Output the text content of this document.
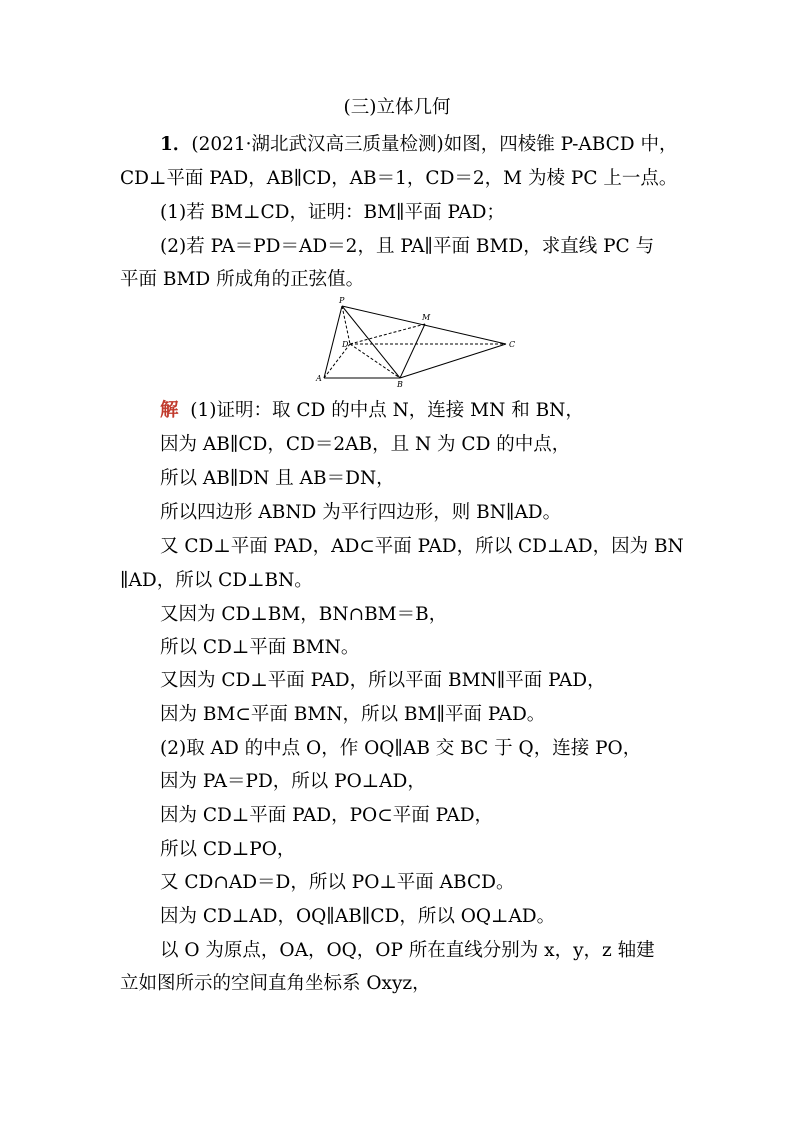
(三)立体几何
1．(2021·湖北武汉高三质量检测)如图，四棱锥 P-ABCD 中，
CD⊥平面 PAD，AB∥CD，AB＝1，CD＝2，M 为棱 PC 上一点。
(1)若 BM⊥CD，证明：BM∥平面 PAD；
(2)若 PA＝PD＝AD＝2，且 PA∥平面 BMD，求直线 PC 与
平面 BMD 所成角的正弦值。
P
M
D	C
A
B
解 (1)证明：取 CD 的中点 N，连接 MN 和 BN，
因为 AB∥CD，CD＝2AB，且 N 为 CD 的中点，
所以 AB∥DN 且 AB＝DN，
所以四边形 ABND 为平行四边形，则 BN∥AD。
又 CD⊥平面 PAD，AD⊂平面 PAD，所以 CD⊥AD，因为 BN
∥AD，所以 CD⊥BN。
又因为 CD⊥BM，BN∩BM＝B，
所以 CD⊥平面 BMN。
又因为 CD⊥平面 PAD，所以平面 BMN∥平面 PAD，
因为 BM⊂平面 BMN，所以 BM∥平面 PAD。
(2)取 AD 的中点 O，作 OQ∥AB 交 BC 于 Q，连接 PO，
因为 PA＝PD，所以 PO⊥AD，
因为 CD⊥平面 PAD，PO⊂平面 PAD，
所以 CD⊥PO，
又 CD∩AD＝D，所以 PO⊥平面 ABCD。
因为 CD⊥AD，OQ∥AB∥CD，所以 OQ⊥AD。
以 O 为原点，OA，OQ，OP 所在直线分别为 x，y，z 轴建
立如图所示的空间直角坐标系 Oxyz，
